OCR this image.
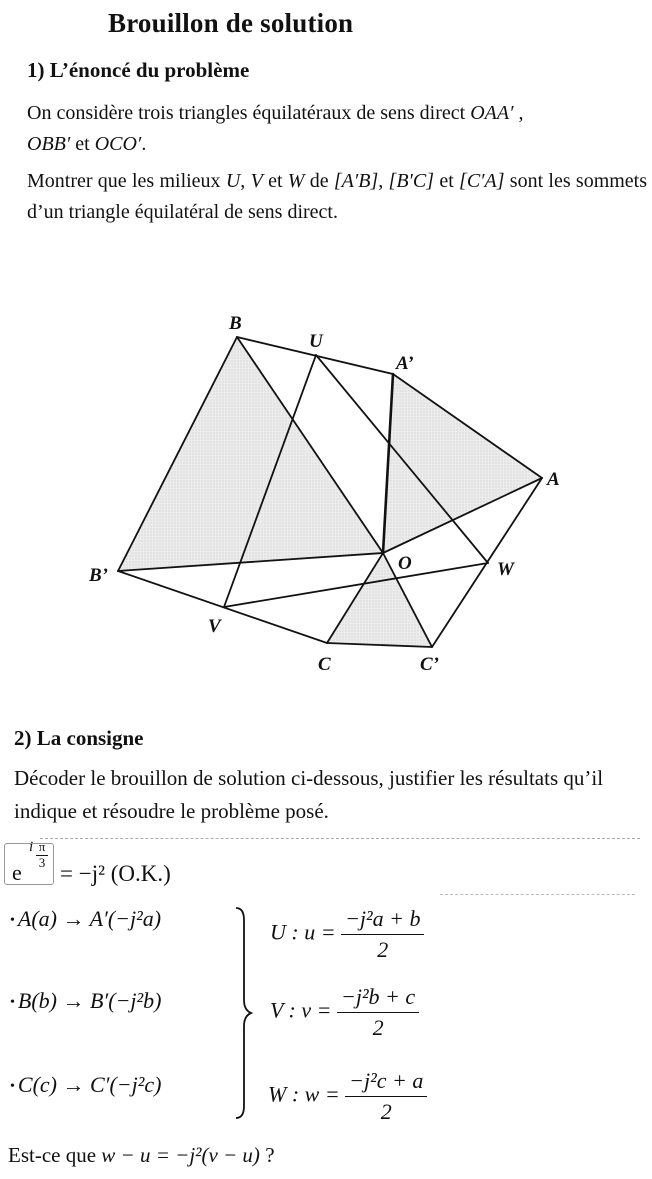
Brouillon de solution
1) L’énoncé du problème
On considère trois triangles équilatéraux de sens direct OAA′ ,
OBB′ et OCO′.
Montrer que les milieux U, V et W de [A′B], [B′C] et [C′A] sont les sommets d’un triangle équilatéral de sens direct.
B
U
A’
A
B’
O	W
V
C	C’
2) La consigne
Décoder le brouillon de solution ci-dessous, justifier les résultats qu’il indique et résoudre le problème posé.
e
i π
3 = −j² (O.K.)
• A(a) → A′(−j²a)
• B(b) → B′(−j²b)
• C(c) → C′(−j²c)
U : $u = \frac{\text{−j²a + b}}{2}$
V : $v = \frac{\text{−j²b + c}}{2}$
W : $w = \frac{\text{−j²c + a}}{2}$
Est-ce que w − u = −j²(v − u) ?
